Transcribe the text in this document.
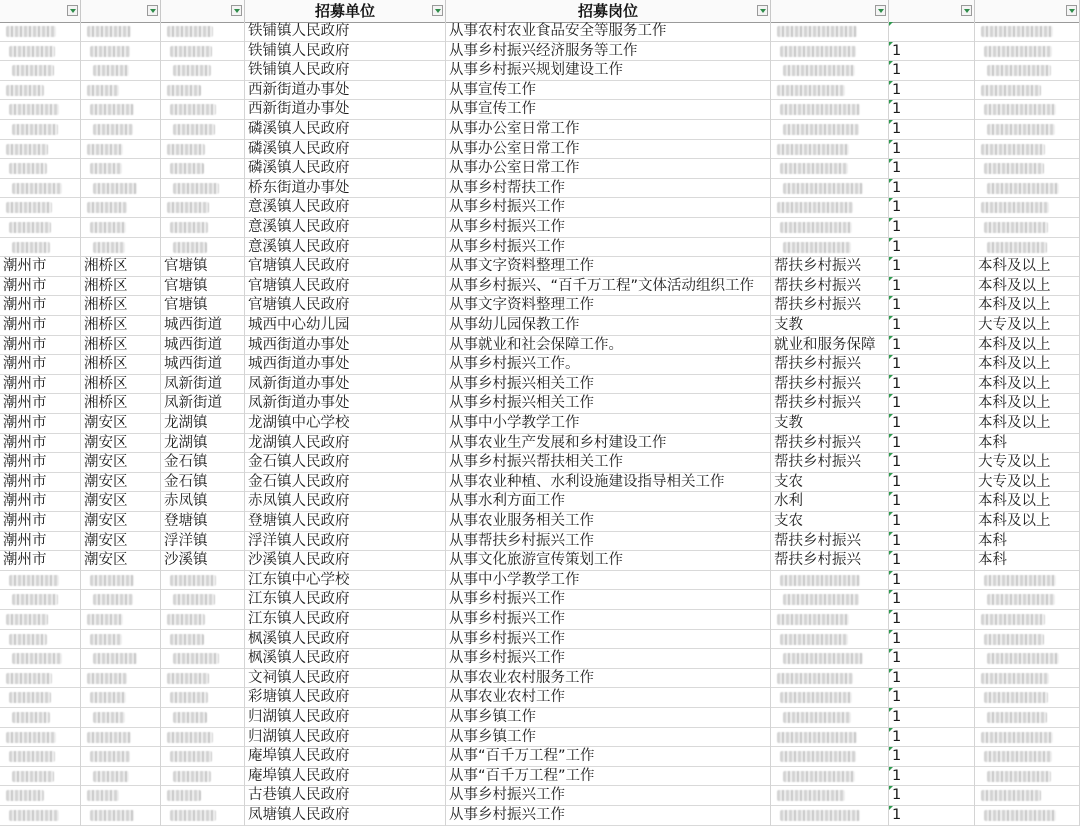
招募单位	招募岗位
铁铺镇人民政府	从事农村农业食品安全等服务工作
铁铺镇人民政府	从事乡村振兴经济服务等工作	1
铁铺镇人民政府	从事乡村振兴规划建设工作	1
西新街道办事处	从事宣传工作	1
西新街道办事处	从事宣传工作	1
磷溪镇人民政府	从事办公室日常工作	1
磷溪镇人民政府	从事办公室日常工作	1
磷溪镇人民政府	从事办公室日常工作	1
桥东街道办事处	从事乡村帮扶工作	1
意溪镇人民政府	从事乡村振兴工作	1
意溪镇人民政府	从事乡村振兴工作	1
意溪镇人民政府	从事乡村振兴工作	1
潮州市	湘桥区	官塘镇	官塘镇人民政府	从事文字资料整理工作	帮扶乡村振兴	1	本科及以上
潮州市	湘桥区	官塘镇	官塘镇人民政府	从事乡村振兴、“百千万工程”文体活动组织工作	帮扶乡村振兴	1	本科及以上
潮州市	湘桥区	官塘镇	官塘镇人民政府	从事文字资料整理工作	帮扶乡村振兴	1	本科及以上
潮州市	湘桥区	城西街道	城西中心幼儿园	从事幼儿园保教工作	支教	1	大专及以上
潮州市	湘桥区	城西街道	城西街道办事处	从事就业和社会保障工作。	就业和服务保障	1	本科及以上
潮州市	湘桥区	城西街道	城西街道办事处	从事乡村振兴工作。	帮扶乡村振兴	1	本科及以上
潮州市	湘桥区	凤新街道	凤新街道办事处	从事乡村振兴相关工作	帮扶乡村振兴	1	本科及以上
潮州市	湘桥区	凤新街道	凤新街道办事处	从事乡村振兴相关工作	帮扶乡村振兴	1	本科及以上
潮州市	潮安区	龙湖镇	龙湖镇中心学校	从事中小学教学工作	支教	1	本科及以上
潮州市	潮安区	龙湖镇	龙湖镇人民政府	从事农业生产发展和乡村建设工作	帮扶乡村振兴	1	本科
潮州市	潮安区	金石镇	金石镇人民政府	从事乡村振兴帮扶相关工作	帮扶乡村振兴	1	大专及以上
潮州市	潮安区	金石镇	金石镇人民政府	从事农业种植、水利设施建设指导相关工作	支农	1	大专及以上
潮州市	潮安区	赤凤镇	赤凤镇人民政府	从事水利方面工作	水利	1	本科及以上
潮州市	潮安区	登塘镇	登塘镇人民政府	从事农业服务相关工作	支农	1	本科及以上
潮州市	潮安区	浮洋镇	浮洋镇人民政府	从事帮扶乡村振兴工作	帮扶乡村振兴	1	本科
潮州市	潮安区	沙溪镇	沙溪镇人民政府	从事文化旅游宣传策划工作	帮扶乡村振兴	1	本科
江东镇中心学校	从事中小学教学工作	1
江东镇人民政府	从事乡村振兴工作	1
江东镇人民政府	从事乡村振兴工作	1
枫溪镇人民政府	从事乡村振兴工作	1
枫溪镇人民政府	从事乡村振兴工作	1
文祠镇人民政府	从事农业农村服务工作	1
彩塘镇人民政府	从事农业农村工作	1
归湖镇人民政府	从事乡镇工作	1
归湖镇人民政府	从事乡镇工作	1
庵埠镇人民政府	从事“百千万工程”工作	1
庵埠镇人民政府	从事“百千万工程”工作	1
古巷镇人民政府	从事乡村振兴工作	1
凤塘镇人民政府	从事乡村振兴工作	1
